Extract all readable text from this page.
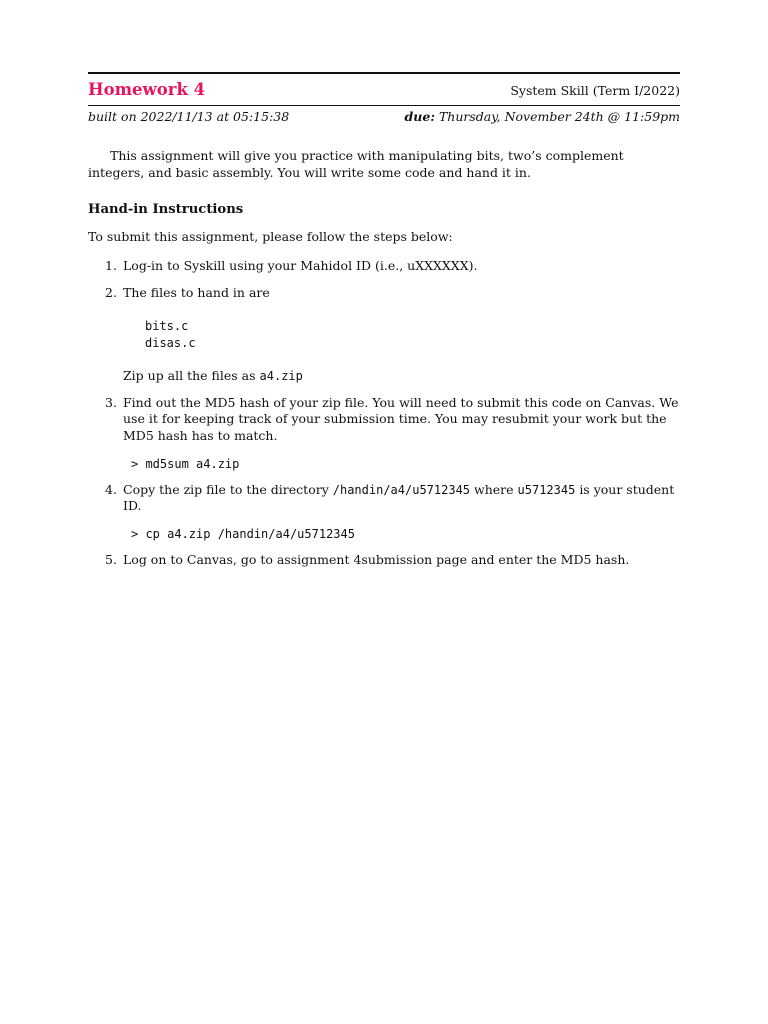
Homework 4	System Skill (Term I/2022)
built on 2022/11/13 at 05:15:38	due: Thursday, November 24th @ 11:59pm

This assignment will give you practice with manipulating bits, two’s complement integers, and basic assembly. You will write some code and hand it in.

Hand-in Instructions
To submit this assignment, please follow the steps below:
1. Log-in to Syskill using your Mahidol ID (i.e., uXXXXXX).
2. The files to hand in are
bits.c
disas.c
Zip up all the files as a4.zip
3. Find out the MD5 hash of your zip file. You will need to submit this code on Canvas. We use it for keeping track of your submission time. You may resubmit your work but the MD5 hash has to match.
> md5sum a4.zip
4. Copy the zip file to the directory /handin/a4/u5712345 where u5712345 is your student ID.
> cp a4.zip /handin/a4/u5712345
5. Log on to Canvas, go to assignment 4submission page and enter the MD5 hash.
